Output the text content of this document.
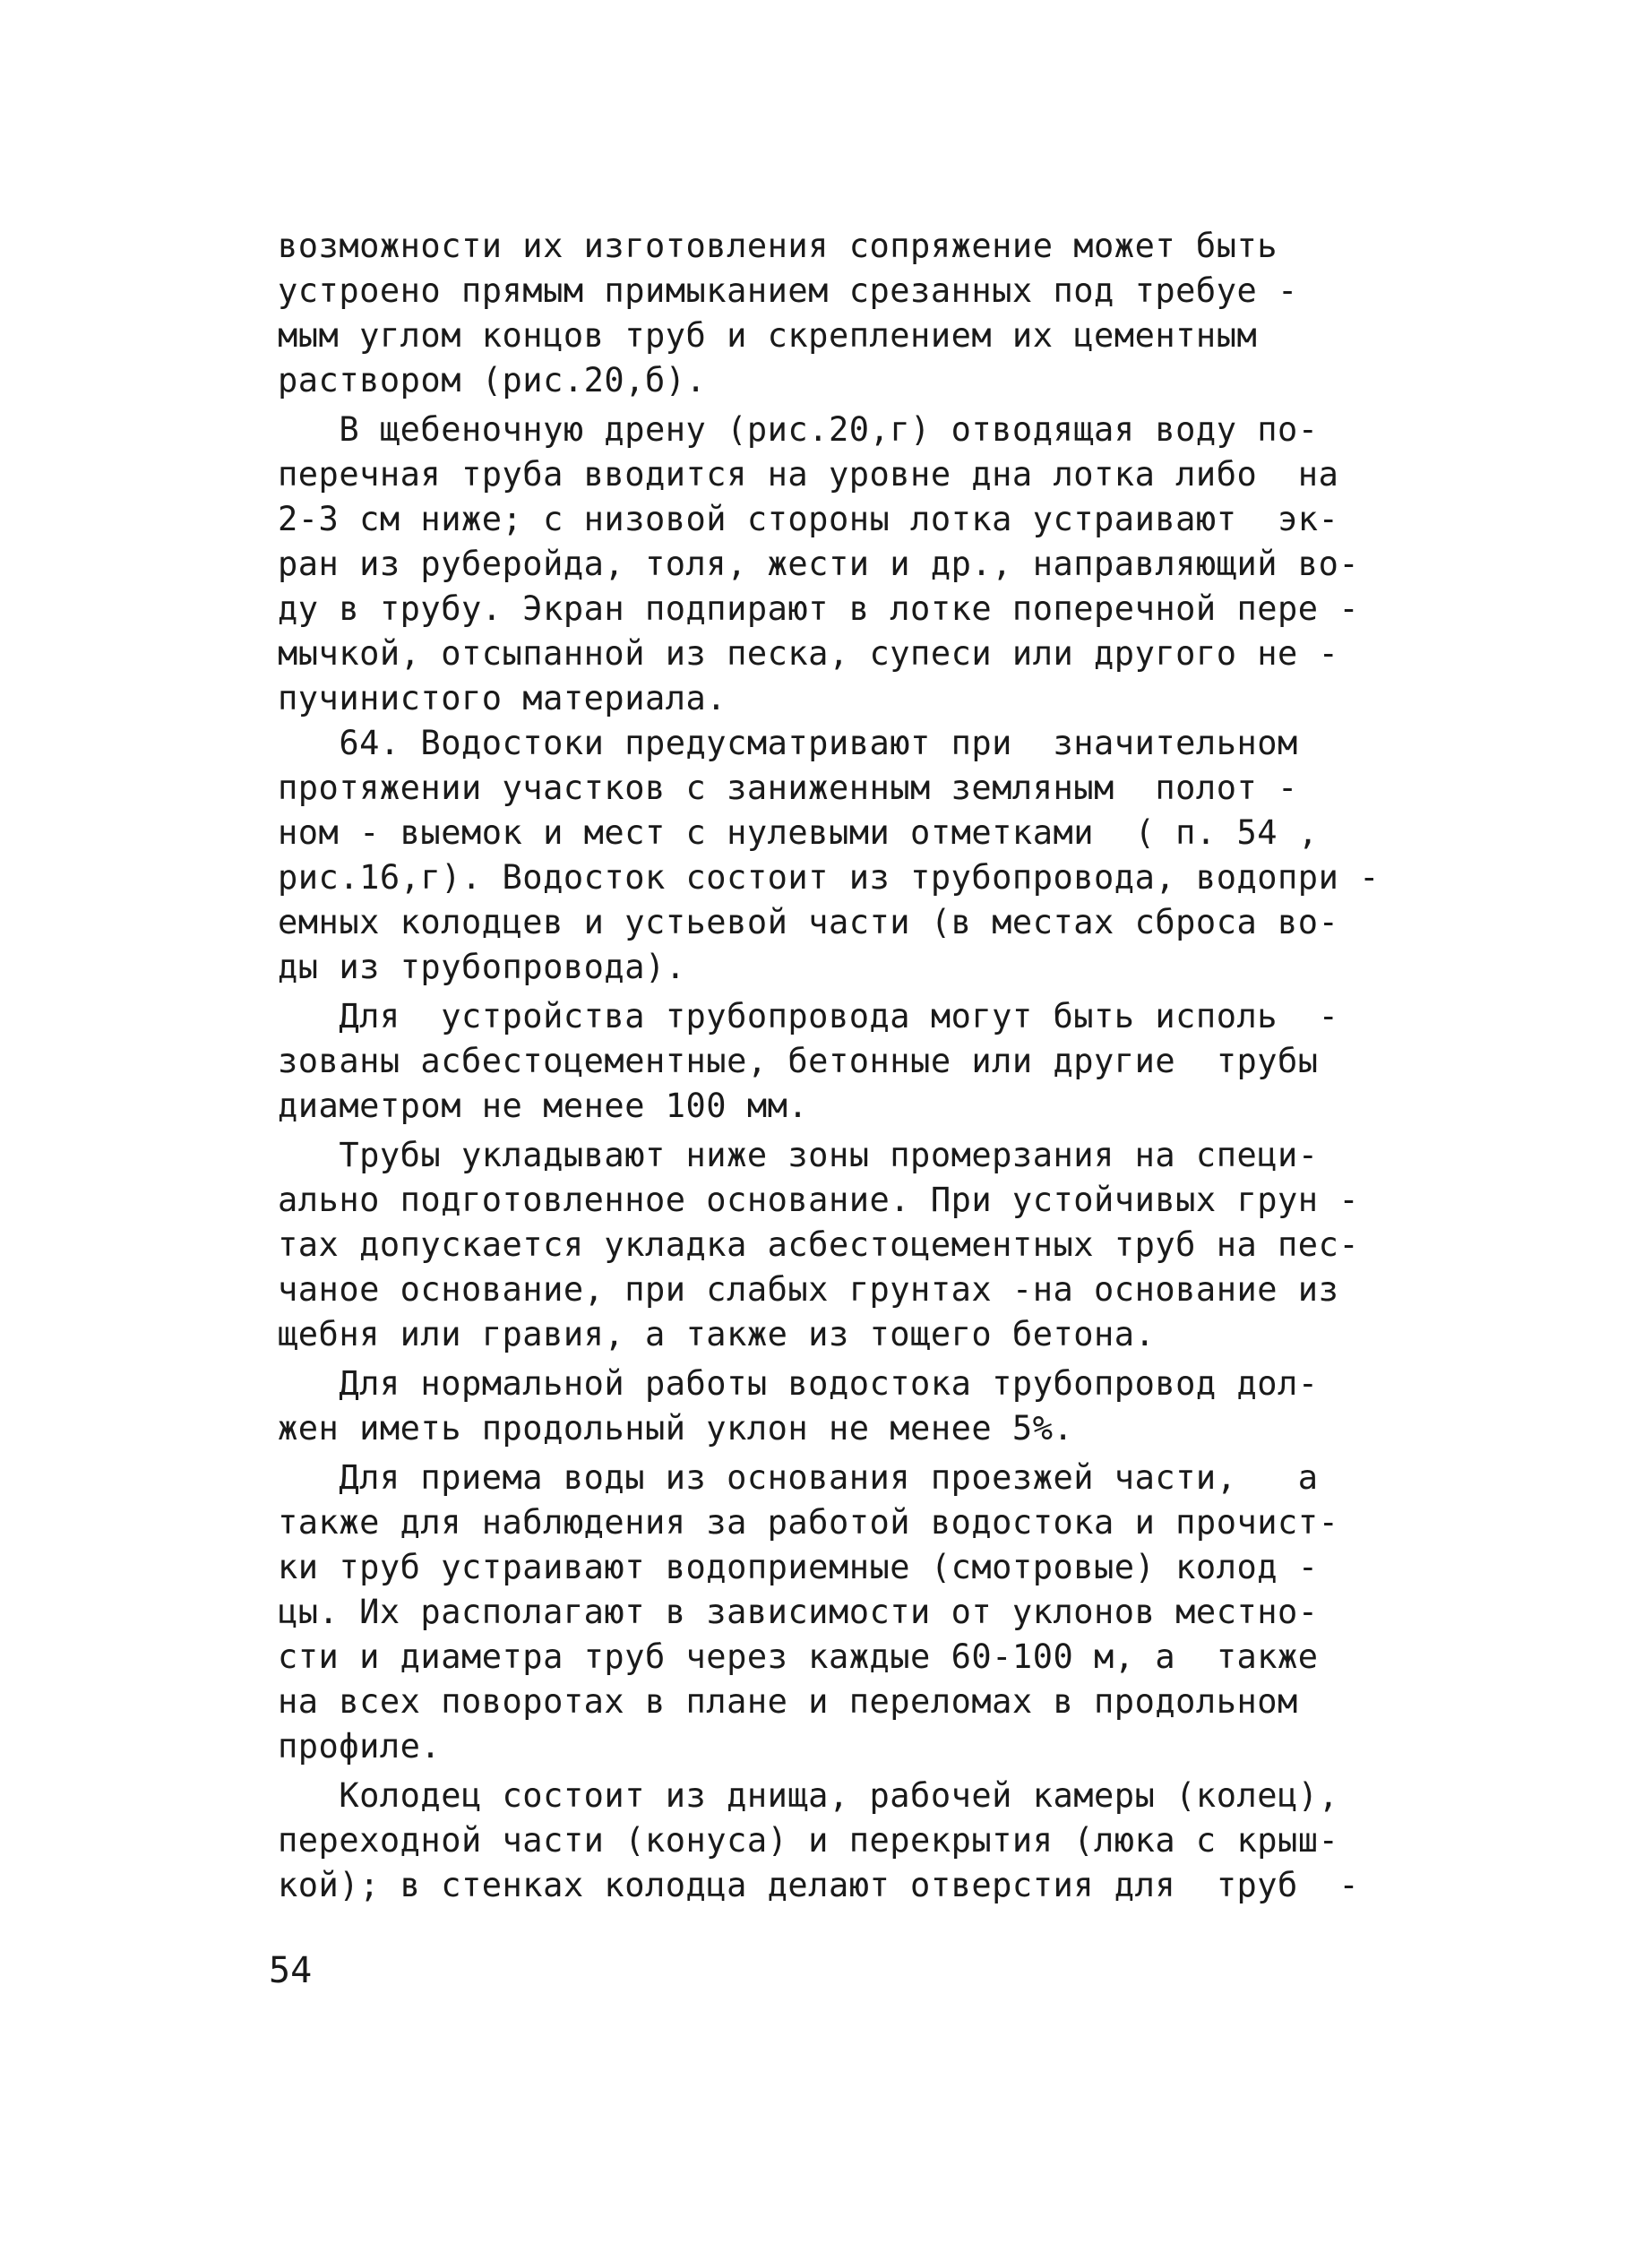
возможности их изготовления сопряжение может быть
устроено прямым примыканием срезанных под требуе -
мым углом концов труб и скреплением их цементным
раствором (рис.20,б).
В щебеночную дрену (рис.20,г) отводящая воду по-
перечная труба вводится на уровне дна лотка либо  на
2-3 см ниже; с низовой стороны лотка устраивают  эк-
ран из руберойда, толя, жести и др., направляющий во-
ду в трубу. Экран подпирают в лотке поперечной пере -
мычкой, отсыпанной из песка, супеси или другого не -
пучинистого материала.
64. Водостоки предусматривают при  значительном
протяжении участков с заниженным земляным  полот -
ном - выемок и мест с нулевыми отметками  ( п. 54 ,
рис.16,г). Водосток состоит из трубопровода, водопри -
емных колодцев и устьевой части (в местах сброса во-
ды из трубопровода).
Для  устройства трубопровода могут быть исполь  -
зованы асбестоцементные, бетонные или другие  трубы
диаметром не менее 100 мм.
Трубы укладывают ниже зоны промерзания на специ-
ально подготовленное основание. При устойчивых грун -
тах допускается укладка асбестоцементных труб на пес-
чаное основание, при слабых грунтах -на основание из
щебня или гравия, а также из тощего бетона.
Для нормальной работы водостока трубопровод дол-
жен иметь продольный уклон не менее 5%.
Для приема воды из основания проезжей части,   а
также для наблюдения за работой водостока и прочист-
ки труб устраивают водоприемные (смотровые) колод -
цы. Их располагают в зависимости от уклонов местно-
сти и диаметра труб через каждые 60-100 м, а  также
на всех поворотах в плане и переломах в продольном
профиле.
Колодец состоит из днища, рабочей камеры (колец),
переходной части (конуса) и перекрытия (люка с крыш-
кой); в стенках колодца делают отверстия для  труб  -
54
